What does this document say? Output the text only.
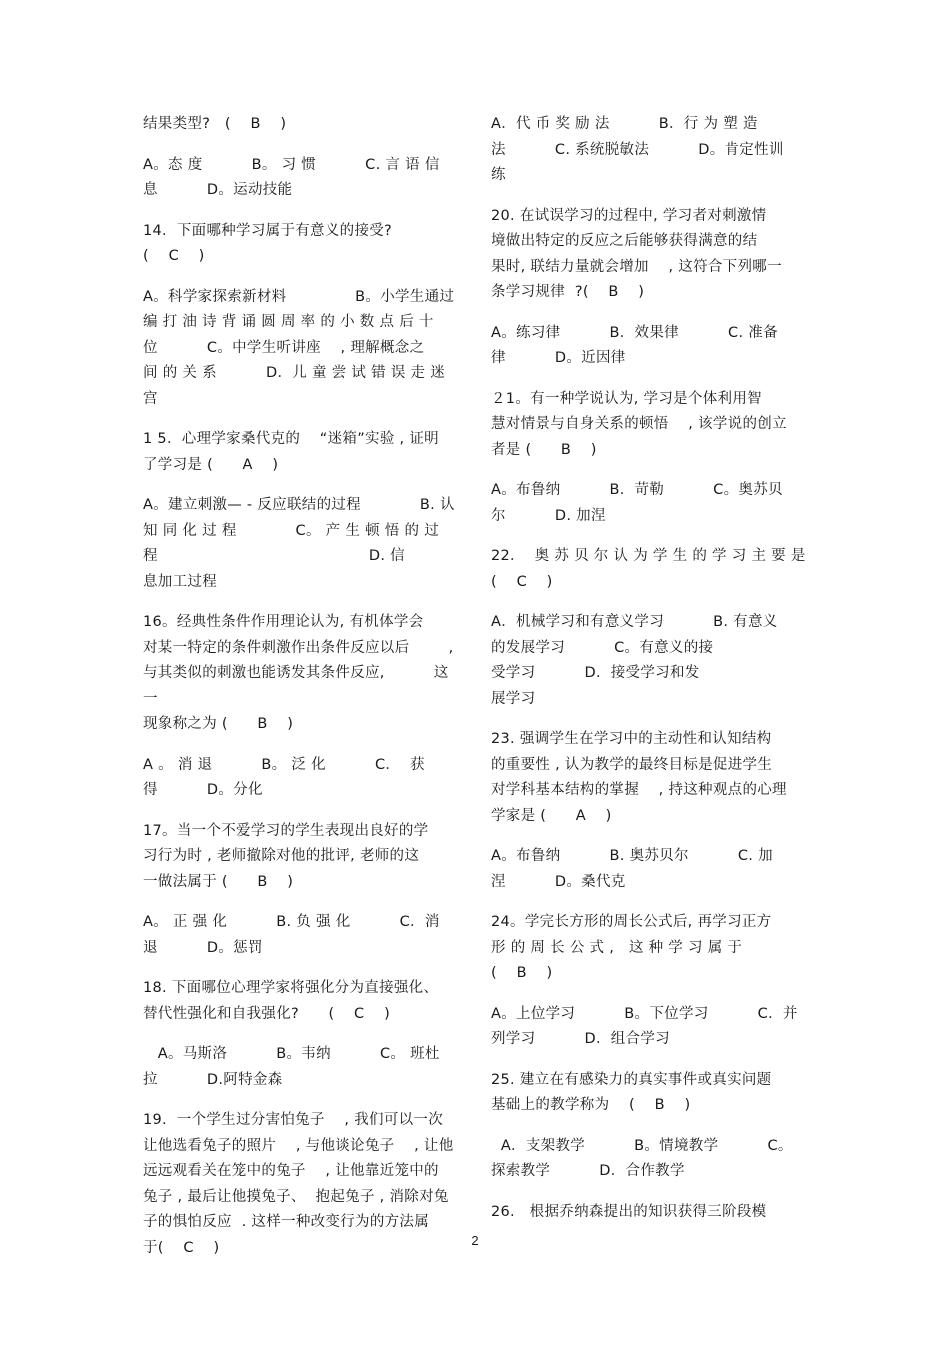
结果类型?   (    B    )
A。态 度          B。 习 惯          C. 言 语 信
息          D。运动技能
14．下面哪种学习属于有意义的接受?
(    C    )
A。科学家探索新材料              B。小学生通过
编 打 油 诗 背 诵 圆 周 率 的 小 数 点 后 十
位          C。中学生听讲座    , 理解概念之
间 的 关 系          D．儿 童 尝 试 错 误 走 迷
宫
1 5．心理学家桑代克的    “迷箱”实验 , 证明
了学习是 (      A    )
A。建立刺激— - 反应联结的过程            B. 认
知 同 化 过 程            C。 产 生 顿 悟 的 过
程                                           D. 信
息加工过程
16。经典性条件作用理论认为, 有机体学会
对某一特定的条件刺激作出条件反应以后        ,
与其类似的刺激也能诱发其条件反应,          这一
现象称之为 (      B    )
A 。 消 退          B。 泛 化          C．  获
得          D。分化
17。当一个不爱学习的学生表现出良好的学
习行为时 , 老师撤除对他的批评, 老师的这
一做法属于 (      B    )
A。 正 强 化          B. 负 强 化          C．消
退          D。惩罚
18. 下面哪位心理学家将强化分为直接强化、
替代性强化和自我强化?      (    C    )
A。马斯洛          B。韦纳          C。 班杜
拉          D.阿特金森
19.  一个学生过分害怕兔子    , 我们可以一次
让他选看兔子的照片    , 与他谈论兔子    , 让他
远远观看关在笼中的兔子    , 让他靠近笼中的
兔子 , 最后让他摸兔子、  抱起兔子 , 消除对兔
子的惧怕反应  . 这样一种改变行为的方法属
于(    C    )
A．代 币 奖 励 法          B．行 为 塑 造
法          C. 系统脱敏法          D。肯定性训
练
20. 在试误学习的过程中, 学习者对刺激情
境做出特定的反应之后能够获得满意的结
果时, 联结力量就会增加    , 这符合下列哪一
条学习规律  ?(    B    )
A。练习律          B．效果律          C. 准备
律          D。近因律
２1。有一种学说认为, 学习是个体利用智
慧对情景与自身关系的顿悟    , 该学说的创立
者是 (      B    )
A。布鲁纳          B.  苛勒          C。奥苏贝
尔          D. 加涅
22．  奥 苏 贝 尔 认 为 学 生 的 学 习 主 要 是
(    C    )
A．机械学习和有意义学习          B. 有意义
的发展学习          C。有意义的接
受学习          D．接受学习和发
展学习
23. 强调学生在学习中的主动性和认知结构
的重要性 , 认为教学的最终目标是促进学生
对学科基本结构的掌握    , 持这种观点的心理
学家是 (      A    )
A。布鲁纳          B. 奥苏贝尔          C. 加
涅          D。桑代克
24。学完长方形的周长公式后, 再学习正方
形 的 周 长 公 式 ,   这 种 学 习 属 于
(    B    )
A。上位学习          B。下位学习          C．并
列学习          D．组合学习
25. 建立在有感染力的真实事件或真实问题
基础上的教学称为    (    B    )
A．支架教学          B。情境教学          C。
探索教学          D．合作教学
26.   根据乔纳森提出的知识获得三阶段模
2
